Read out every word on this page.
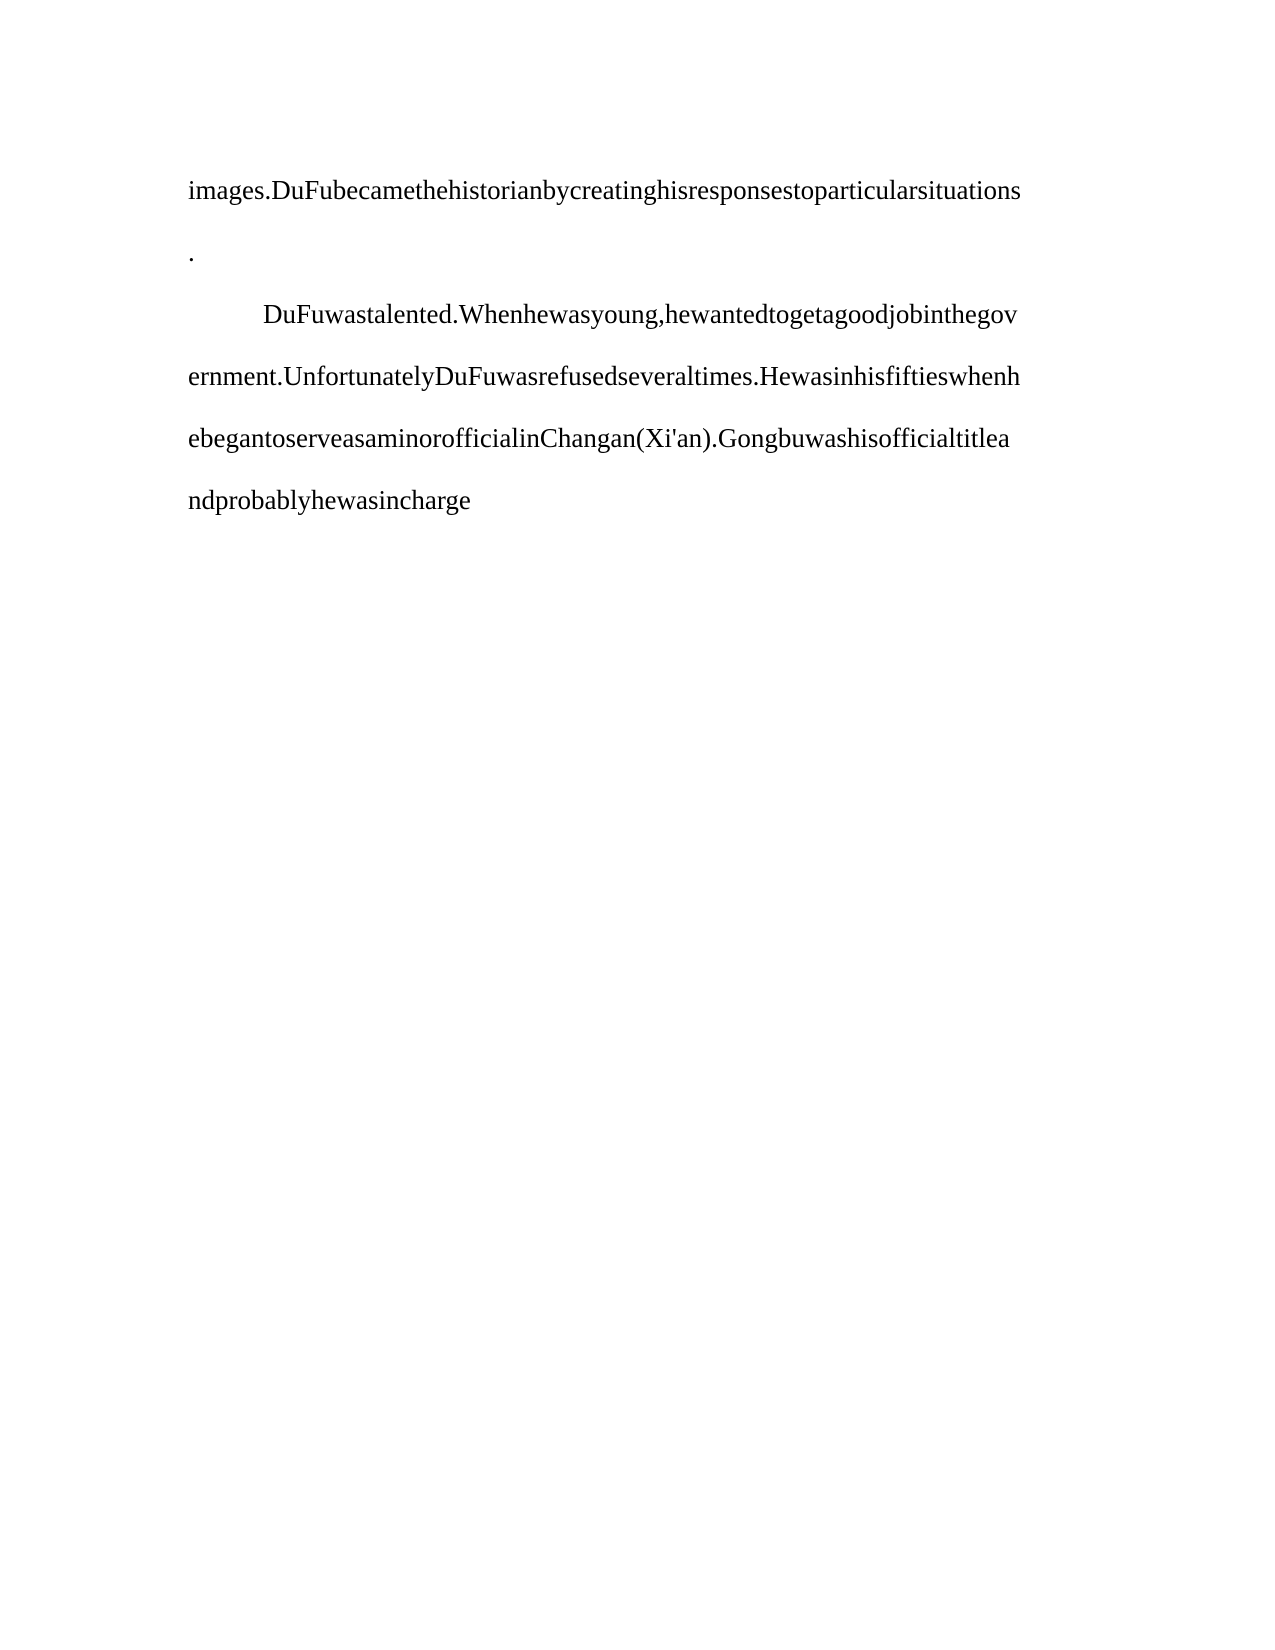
images.DuFubecamethehistorianbycreatinghisresponsestoparticularsituations
.
DuFuwastalented.Whenhewasyoung,hewantedtogetagoodjobinthegov
ernment.UnfortunatelyDuFuwasrefusedseveraltimes.Hewasinhisfiftieswhenh
ebegantoserveasaminorofficialinChangan(Xi'an).Gongbuwashisofficialtitlea
ndprobablyhewasincharge
